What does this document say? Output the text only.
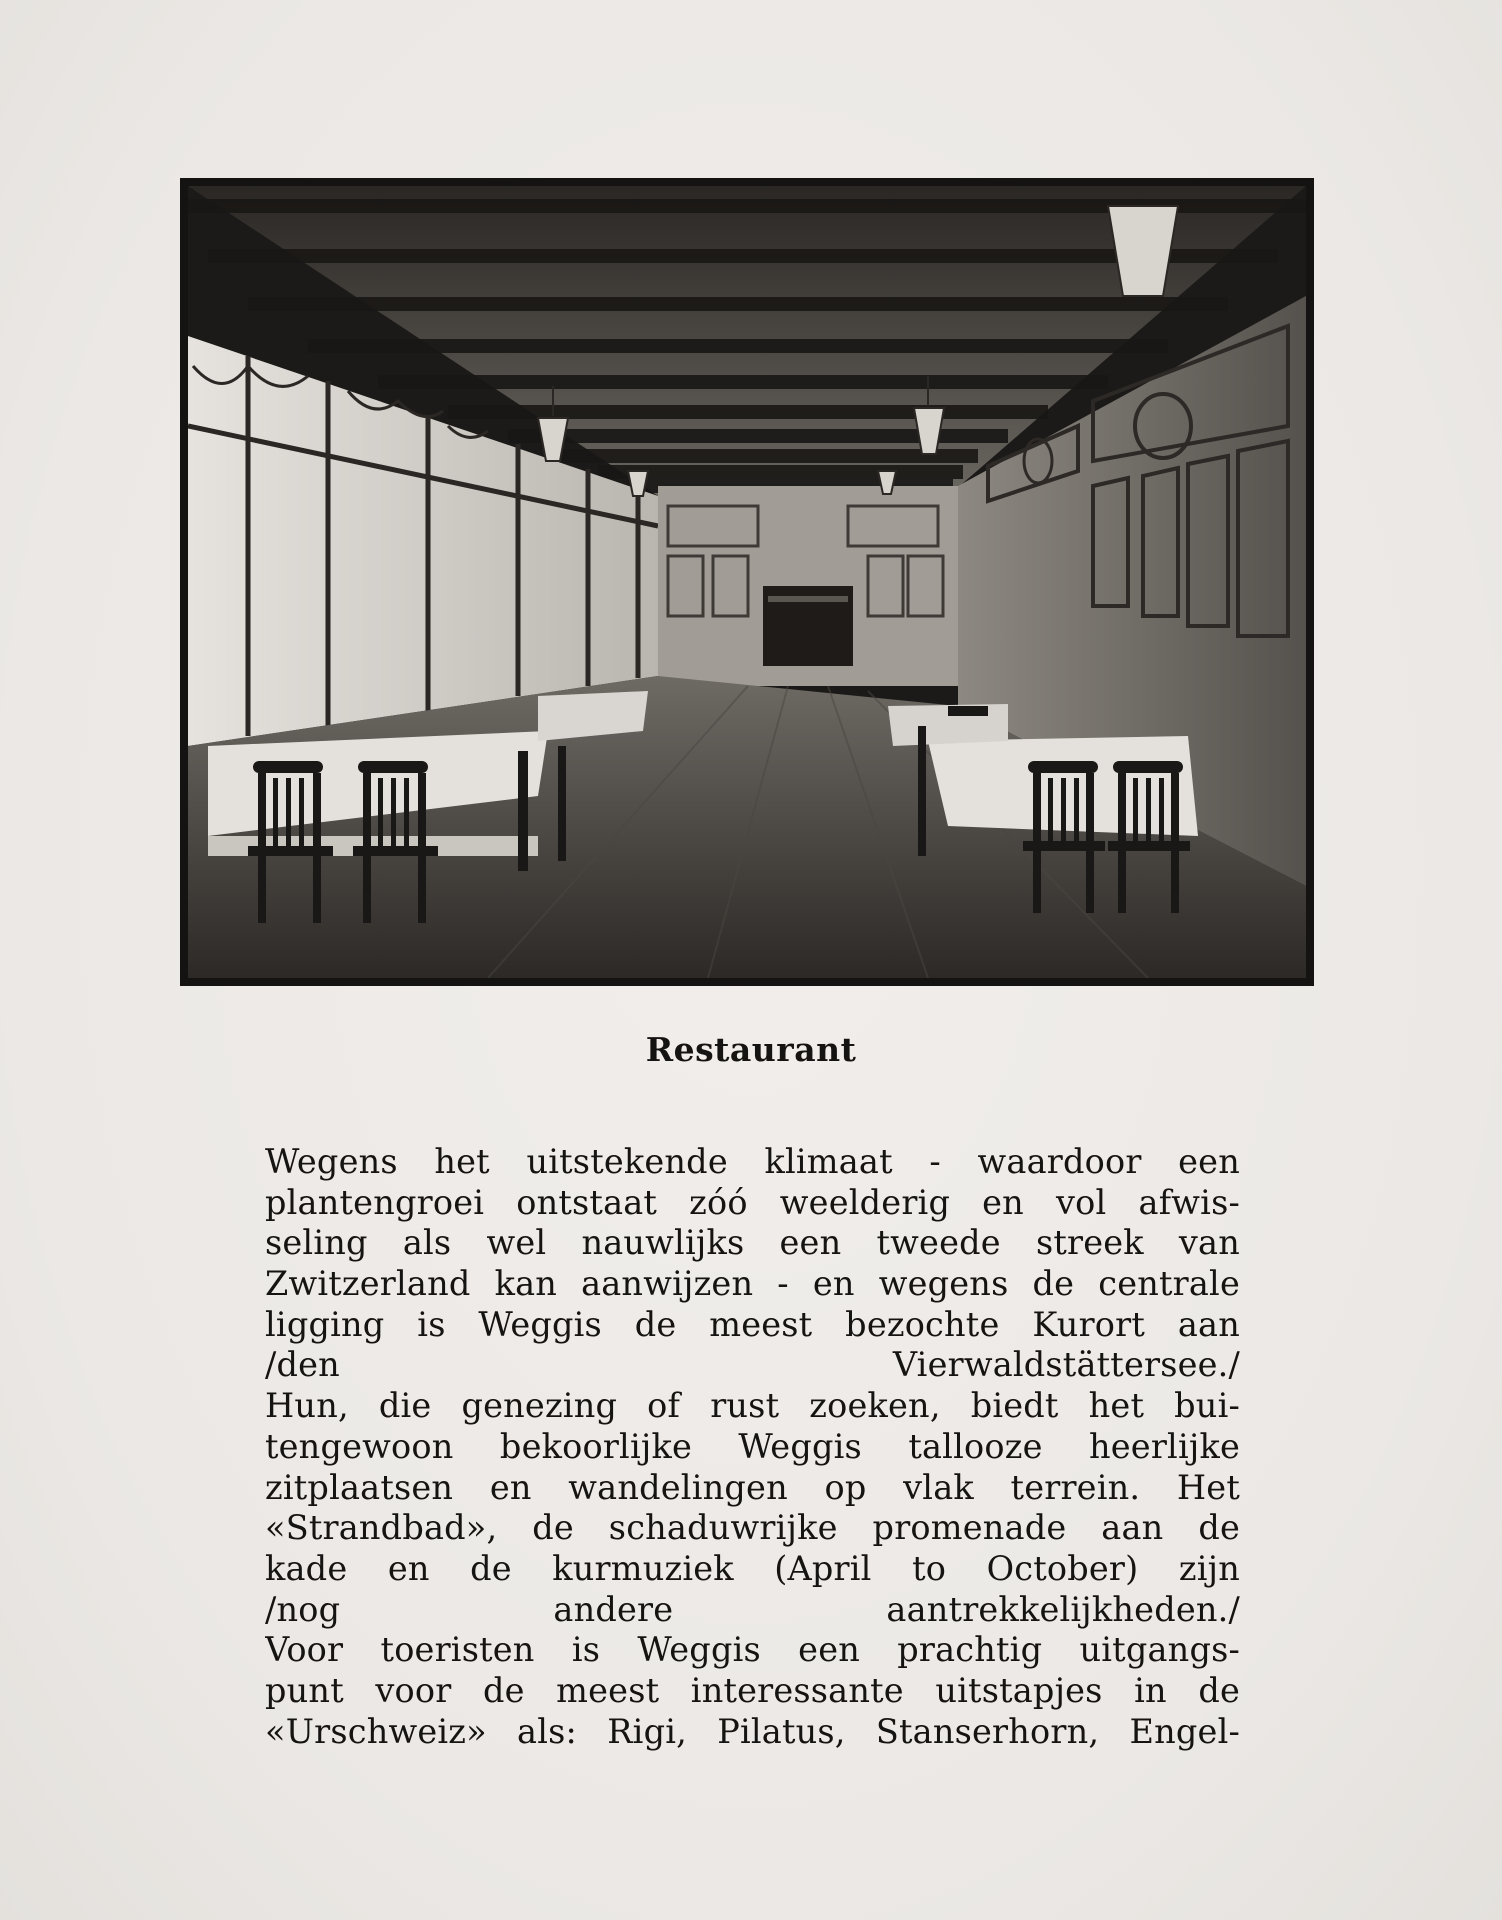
Restaurant
Wegens het uitstekende klimaat - waardoor een
plantengroei ontstaat zóó weelderig en vol afwis-
seling als wel nauwlijks een tweede streek van
Zwitzerland kan aanwijzen - en wegens de centrale
ligging is Weggis de meest bezochte Kurort aan
/ den Vierwaldstättersee. /
Hun, die genezing of rust zoeken, biedt het bui-
tengewoon bekoorlijke Weggis tallooze heerlijke
zitplaatsen en wandelingen op vlak terrein. Het
«Strandbad», de schaduwrijke promenade aan de
kade en de kurmuziek (April to October) zijn
/ nog andere aantrekkelijkheden. /
Voor toeristen is Weggis een prachtig uitgangs-
punt voor de meest interessante uitstapjes in de
«Urschweiz» als: Rigi, Pilatus, Stanserhorn, Engel-
